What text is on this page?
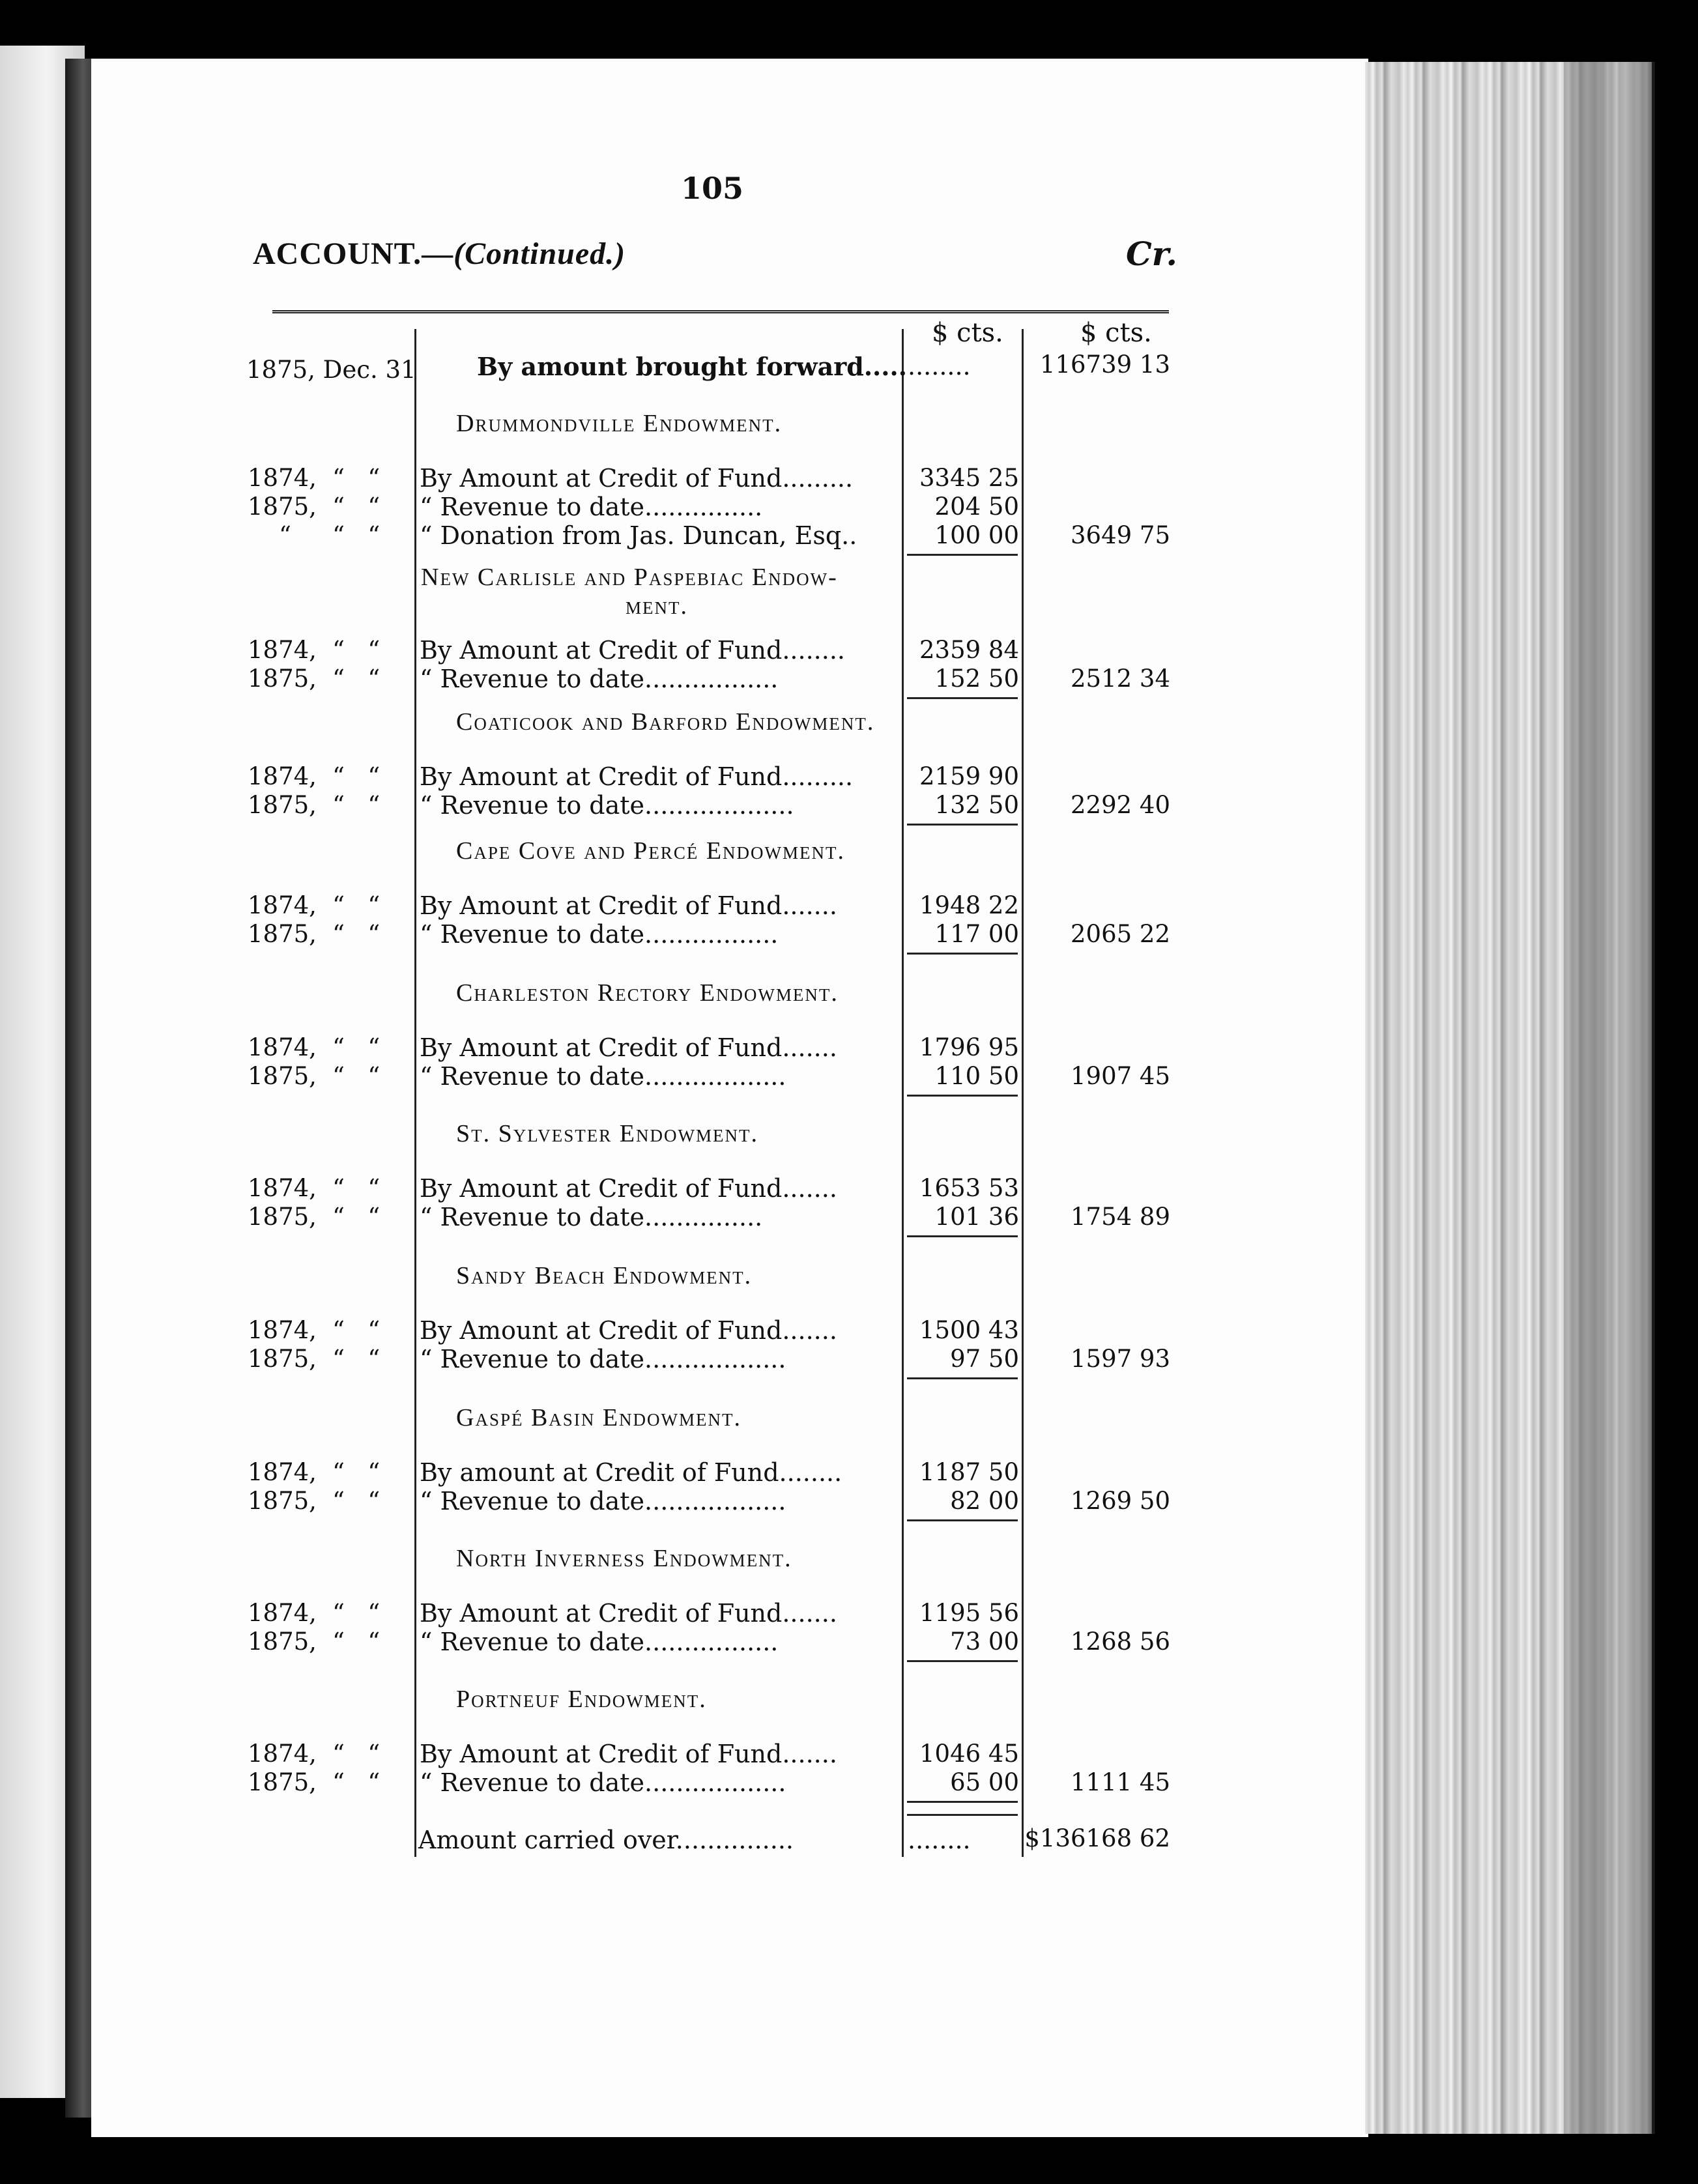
105
ACCOUNT.—(Continued.)	Cr.
$ cts.	$ cts.
1875, Dec. 31 By amount brought forward..... ........	116739 13
Drummondville Endowment.
1874, “   “ By Amount at Credit of Fund.........	3345 25
1875, “   “ “ Revenue to date...............	204 50
“ “   “ “ Donation from Jas. Duncan, Esq..	100 00	3649 75
New Carlisle and Paspebiac Endow-
ment.
1874, “   “ By Amount at Credit of Fund........	2359 84
1875, “   “ “ Revenue to date.................	152 50	2512 34
Coaticook and Barford Endowment.
1874, “   “ By Amount at Credit of Fund.........	2159 90
1875, “   “ “ Revenue to date...................	132 50	2292 40
Cape Cove and Percé Endowment.
1874, “   “ By Amount at Credit of Fund.......	1948 22
1875, “   “ “ Revenue to date.................	117 00	2065 22
Charleston Rectory Endowment.
1874, “   “ By Amount at Credit of Fund.......	1796 95
1875, “   “ “ Revenue to date..................	110 50	1907 45
St. Sylvester Endowment.
1874, “   “ By Amount at Credit of Fund.......	1653 53
1875, “   “ “ Revenue to date...............	101 36	1754 89
Sandy Beach Endowment.
1874, “   “ By Amount at Credit of Fund.......	1500 43
1875, “   “ “ Revenue to date..................	97 50	1597 93
Gaspé Basin Endowment.
1874, “   “ By amount at Credit of Fund........	1187 50
1875, “   “ “ Revenue to date..................	82 00	1269 50
North Inverness Endowment.
1874, “   “ By Amount at Credit of Fund.......	1195 56
1875, “   “ “ Revenue to date.................	73 00	1268 56
Portneuf Endowment.
1874, “   “ By Amount at Credit of Fund.......	1046 45
1875, “   “ “ Revenue to date..................	65 00	1111 45
Amount carried over...............	........ $136168 62
